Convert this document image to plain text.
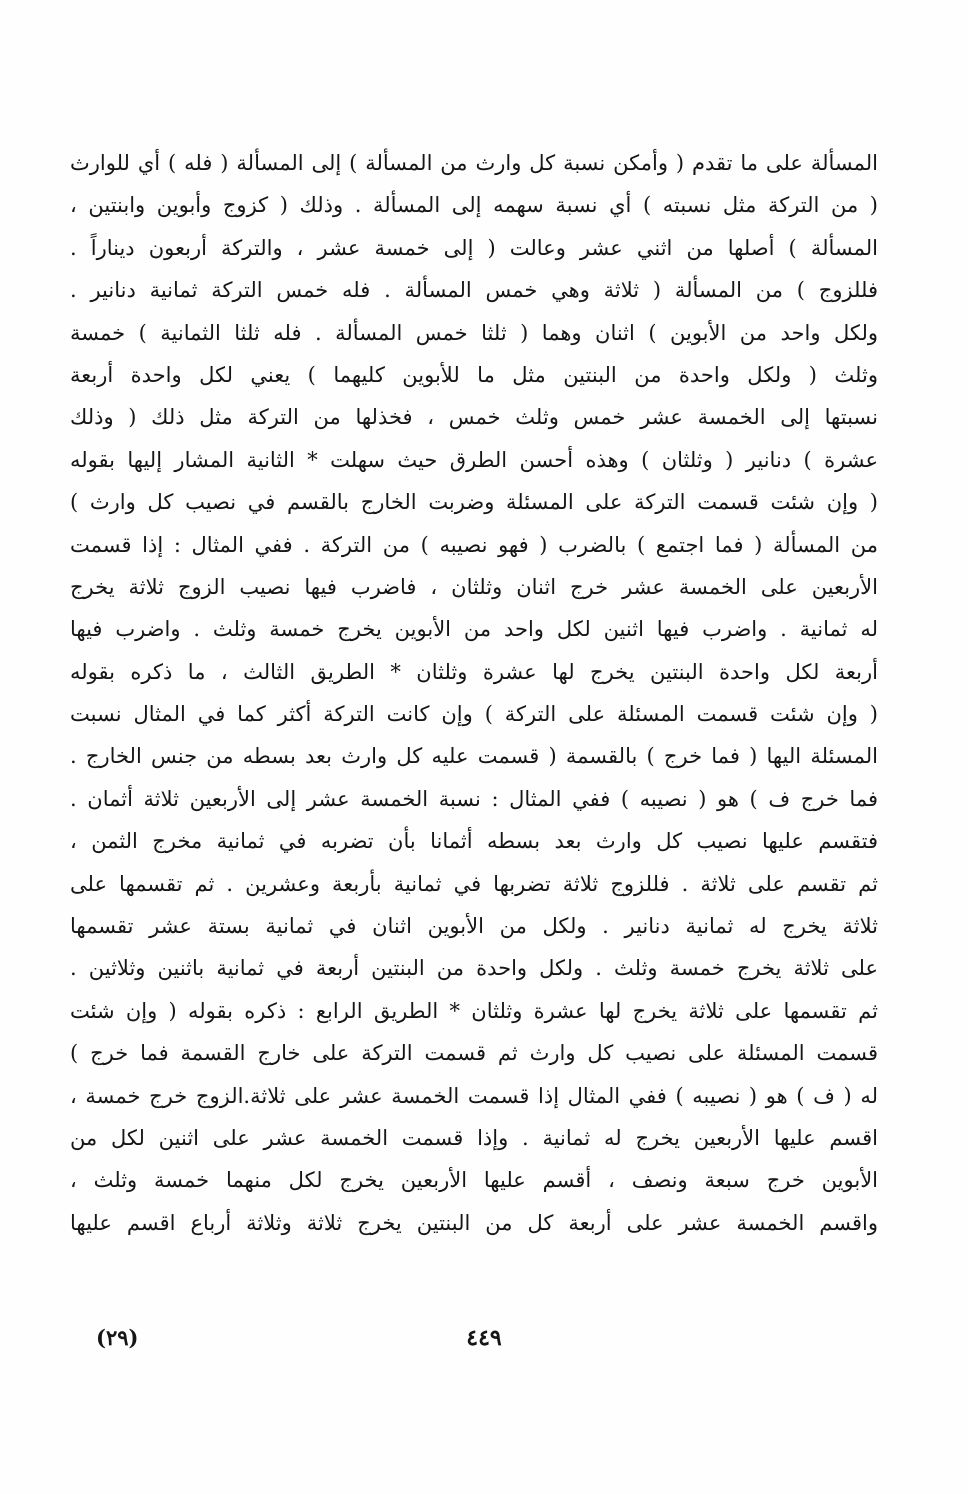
المسألة على ما تقدم ( وأمكن نسبة كل وارث من المسألة ) إلى المسألة ( فله ) أي للوارث
( من التركة مثل نسبته ) أي نسبة سهمه إلى المسألة . وذلك ( كزوج وأبوين وابنتين ،
المسألة ) أصلها من اثني عشر وعالت ( إلى خمسة عشر ، والتركة أربعون ديناراً .
فللزوج ) من المسألة ( ثلاثة وهي خمس المسألة . فله خمس التركة ثمانية دنانير .
ولكل واحد من الأبوين ) اثنان وهما ( ثلثا خمس المسألة . فله ثلثا الثمانية ) خمسة
وثلث ( ولكل واحدة من البنتين مثل ما للأبوين كليهما ) يعني لكل واحدة أربعة
نسبتها إلى الخمسة عشر خمس وثلث خمس ، فخذلها من التركة مثل ذلك ( وذلك
عشرة ) دنانير ( وثلثان ) وهذه أحسن الطرق حيث سهلت * الثانية المشار إليها بقوله
( وإن شئت قسمت التركة على المسئلة وضربت الخارج بالقسم في نصيب كل وارث )
من المسألة ( فما اجتمع ) بالضرب ( فهو نصيبه ) من التركة . ففي المثال : إذا قسمت
الأربعين على الخمسة عشر خرج اثنان وثلثان ، فاضرب فيها نصيب الزوج ثلاثة يخرج
له ثمانية . واضرب فيها اثنين لكل واحد من الأبوين يخرج خمسة وثلث . واضرب فيها
أربعة لكل واحدة البنتين يخرج لها عشرة وثلثان * الطريق الثالث ، ما ذكره بقوله
( وإن شئت قسمت المسئلة على التركة ) وإن كانت التركة أكثر كما في المثال نسبت
المسئلة اليها ( فما خرج ) بالقسمة ( قسمت عليه كل وارث بعد بسطه من جنس الخارج .
فما خرج ف ) هو ( نصيبه ) ففي المثال : نسبة الخمسة عشر إلى الأربعين ثلاثة أثمان .
فتقسم عليها نصيب كل وارث بعد بسطه أثمانا بأن تضربه في ثمانية مخرج الثمن ،
ثم تقسم على ثلاثة . فللزوج ثلاثة تضربها في ثمانية بأربعة وعشرين . ثم تقسمها على
ثلاثة يخرج له ثمانية دنانير . ولكل من الأبوين اثنان في ثمانية بستة عشر تقسمها
على ثلاثة يخرج خمسة وثلث . ولكل واحدة من البنتين أربعة في ثمانية باثنين وثلاثين .
ثم تقسمها على ثلاثة يخرج لها عشرة وثلثان * الطريق الرابع : ذكره بقوله ( وإن شئت
قسمت المسئلة على نصيب كل وارث ثم قسمت التركة على خارج القسمة فما خرج )
له ( ف ) هو ( نصيبه ) ففي المثال إذا قسمت الخمسة عشر على ثلاثة.الزوج خرج خمسة ،
اقسم عليها الأربعين يخرج له ثمانية . وإذا قسمت الخمسة عشر على اثنين لكل من
الأبوين خرج سبعة ونصف ، أقسم عليها الأربعين يخرج لكل منهما خمسة وثلث ،
واقسم الخمسة عشر على أربعة كل من البنتين يخرج ثلاثة وثلاثة أرباع اقسم عليها
(٢٩)	٤٤٩
